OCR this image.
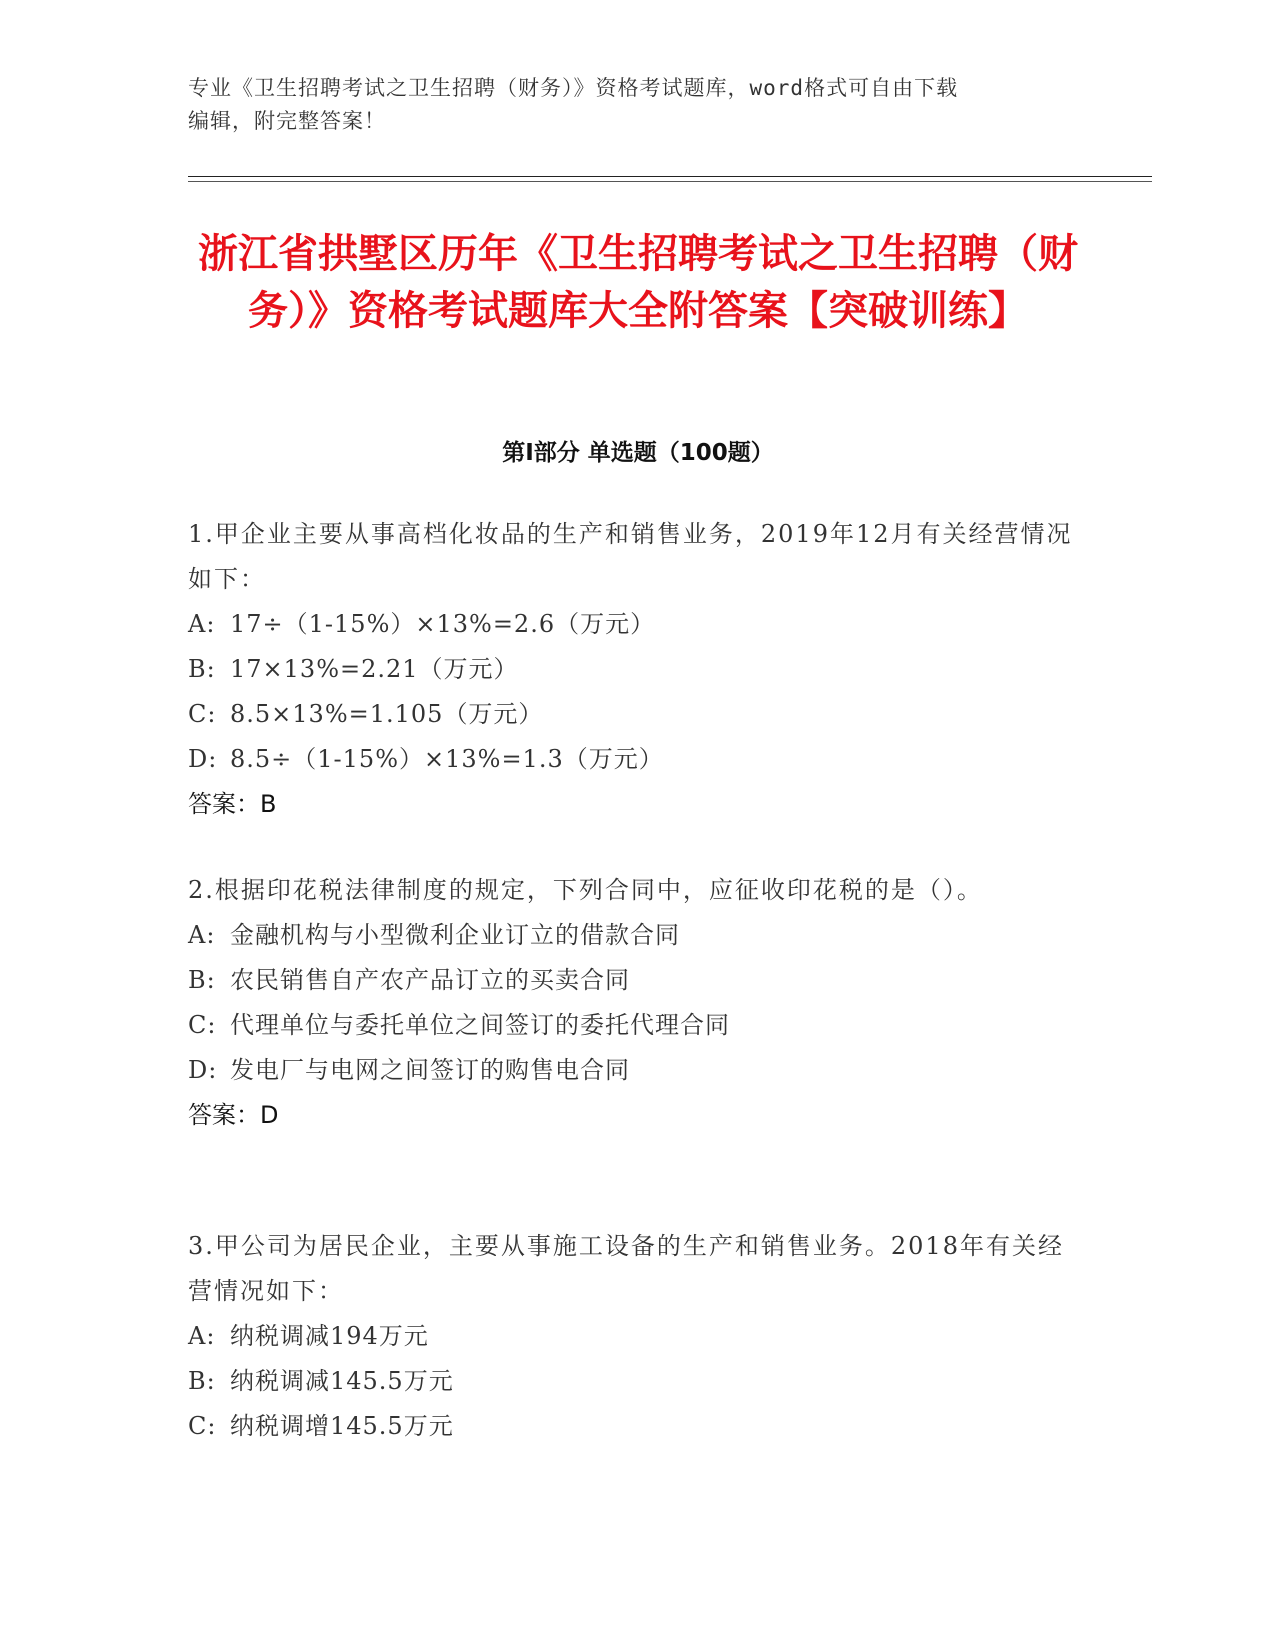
专业《卫生招聘考试之卫生招聘（财务）》资格考试题库，word格式可自由下载
编辑，附完整答案！
浙江省拱墅区历年《卫生招聘考试之卫生招聘（财务）》资格考试题库大全附答案【突破训练】
第Ⅰ部分 单选题（100题）
1.甲企业主要从事高档化妆品的生产和销售业务，2019年12月有关经营情况如下：
A: 17÷（1-15%）×13%=2.6（万元）
B: 17×13%=2.21（万元）
C: 8.5×13%=1.105（万元）
D: 8.5÷（1-15%）×13%=1.3（万元）
答案：B
2.根据印花税法律制度的规定，下列合同中，应征收印花税的是（）。
A: 金融机构与小型微利企业订立的借款合同
B: 农民销售自产农产品订立的买卖合同
C: 代理单位与委托单位之间签订的委托代理合同
D: 发电厂与电网之间签订的购售电合同
答案：D
3.甲公司为居民企业，主要从事施工设备的生产和销售业务。2018年有关经营情况如下：
A: 纳税调减194万元
B: 纳税调减145.5万元
C: 纳税调增145.5万元
